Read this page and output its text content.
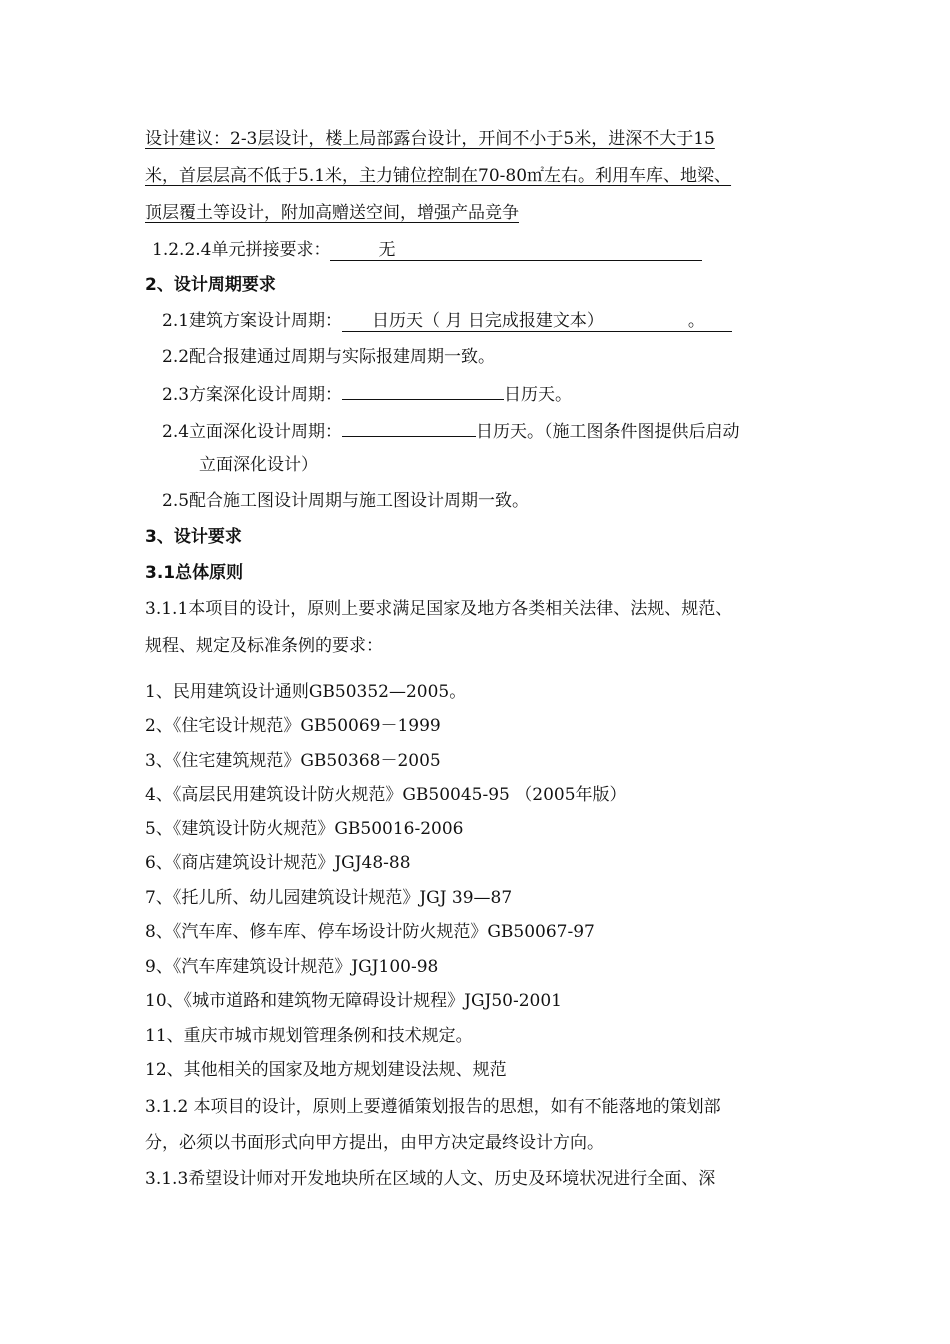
设计建议：2-3层设计，楼上局部露台设计，开间不小于5米，进深不大于15
米，首层层高不低于5.1米，主力铺位控制在70-80㎡左右。利用车库、地梁、
顶层覆土等设计，附加高赠送空间，增强产品竞争
1.2.2.4单元拼接要求：	无
2、设计周期要求
2.1建筑方案设计周期： 日历天（ 月 日完成报建文本）	。
2.2配合报建通过周期与实际报建周期一致。
2.3方案深化设计周期：	日历天。
2.4立面深化设计周期：	日历天。（施工图条件图提供后启动
立面深化设计）
2.5配合施工图设计周期与施工图设计周期一致。
3、设计要求
3.1总体原则
3.1.1本项目的设计，原则上要求满足国家及地方各类相关法律、法规、规范、
规程、规定及标准条例的要求：
1、民用建筑设计通则GB50352—2005。
2、《住宅设计规范》GB50069－1999
3、《住宅建筑规范》GB50368－2005
4、《高层民用建筑设计防火规范》GB50045-95 （2005年版）
5、《建筑设计防火规范》GB50016-2006
6、《商店建筑设计规范》JGJ48-88
7、《托儿所、幼儿园建筑设计规范》JGJ 39—87
8、《汽车库、修车库、停车场设计防火规范》GB50067-97
9、《汽车库建筑设计规范》JGJ100-98
10、《城市道路和建筑物无障碍设计规程》JGJ50-2001
11、重庆市城市规划管理条例和技术规定。
12、其他相关的国家及地方规划建设法规、规范
3.1.2 本项目的设计，原则上要遵循策划报告的思想，如有不能落地的策划部
分，必须以书面形式向甲方提出，由甲方决定最终设计方向。
3.1.3希望设计师对开发地块所在区域的人文、历史及环境状况进行全面、深
